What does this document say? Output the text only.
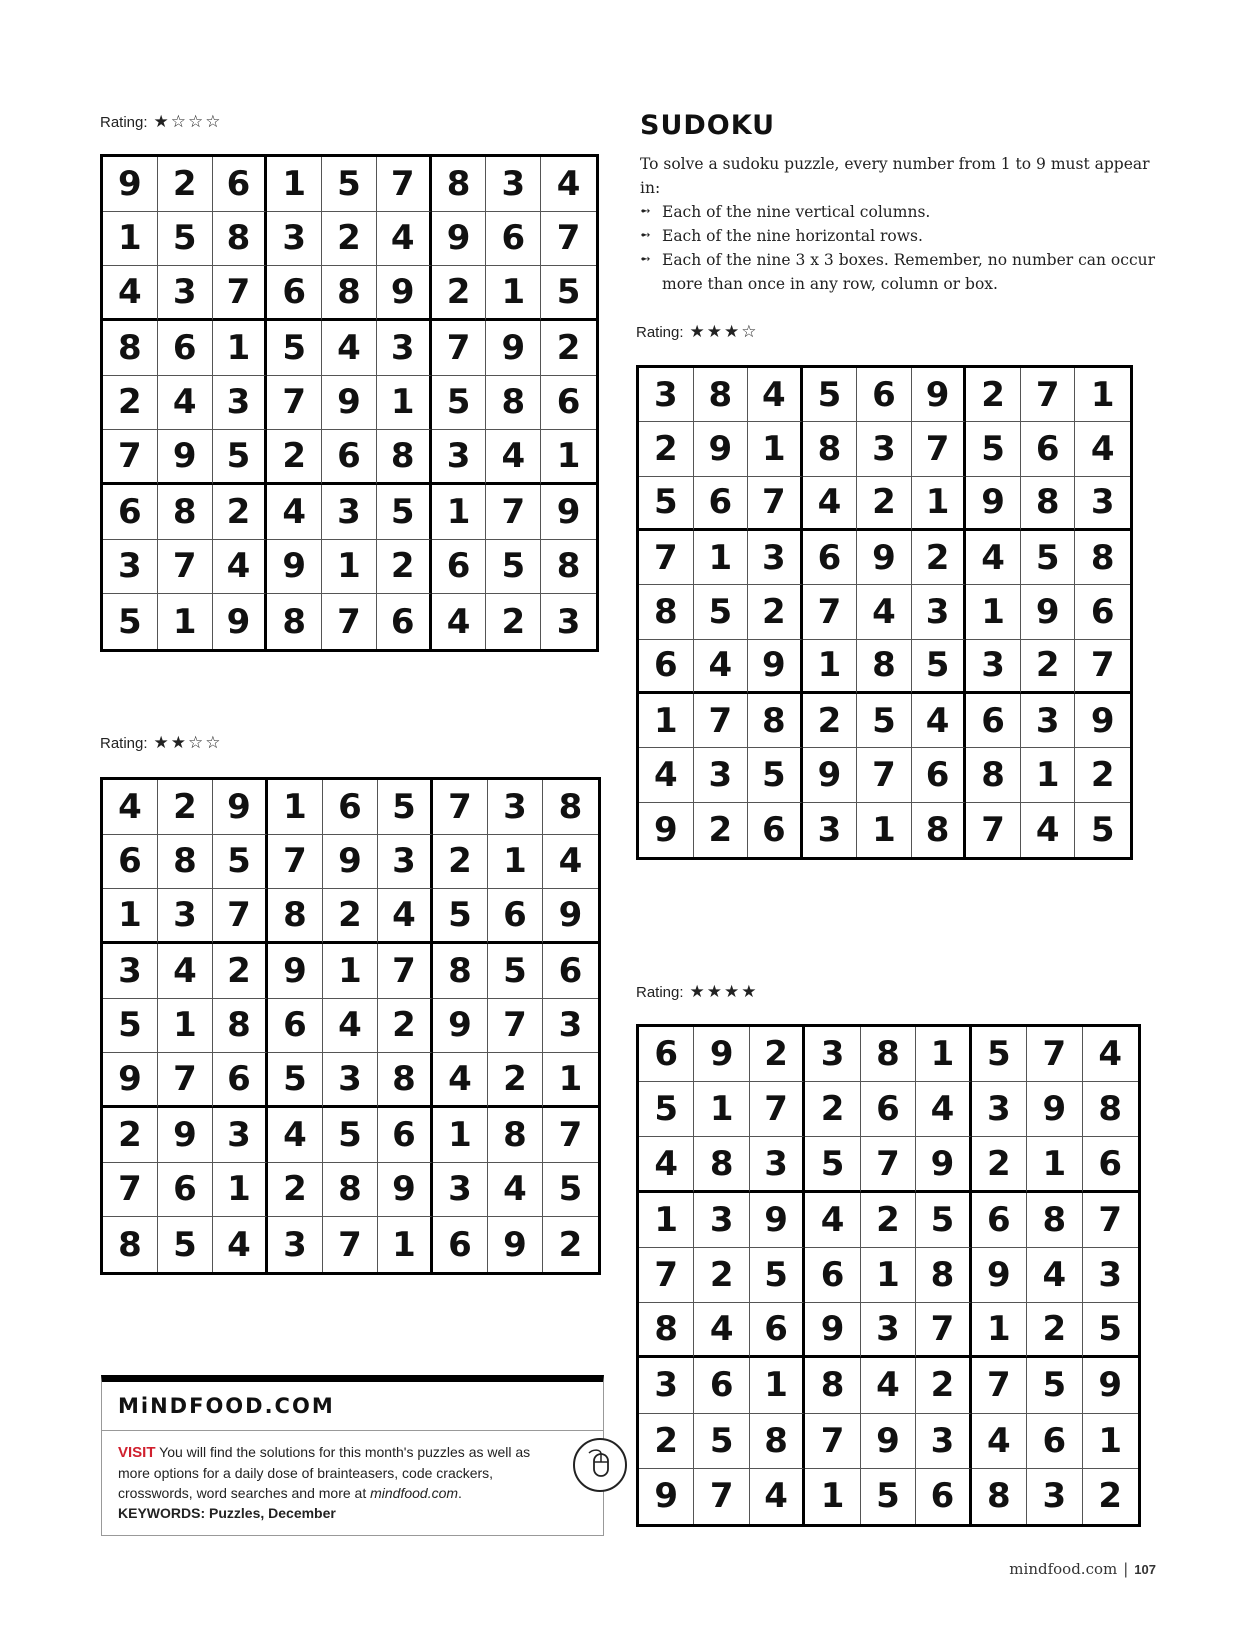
Rating: ★☆☆☆
9 2 6 1 5 7 8 3 4
1 5 8 3 2 4 9 6 7
4 3 7 6 8 9 2 1 5
8 6 1 5 4 3 7 9 2
2 4 3 7 9 1 5 8 6
7 9 5 2 6 8 3 4 1
6 8 2 4 3 5 1 7 9
3 7 4 9 1 2 6 5 8
5 1 9 8 7 6 4 2 3
Rating: ★★☆☆
4 2 9 1 6 5 7 3 8
6 8 5 7 9 3 2 1 4
1 3 7 8 2 4 5 6 9
3 4 2 9 1 7 8 5 6
5 1 8 6 4 2 9 7 3
9 7 6 5 3 8 4 2 1
2 9 3 4 5 6 1 8 7
7 6 1 2 8 9 3 4 5
8 5 4 3 7 1 6 9 2
SUDOKU
To solve a sudoku puzzle, every number from 1 to 9 must appear in:
➻ Each of the nine vertical columns.
➻ Each of the nine horizontal rows.
➻ Each of the nine 3 x 3 boxes. Remember, no number can occur more than once in any row, column or box.
Rating: ★★★☆
3 8 4 5 6 9 2 7 1
2 9 1 8 3 7 5 6 4
5 6 7 4 2 1 9 8 3
7 1 3 6 9 2 4 5 8
8 5 2 7 4 3 1 9 6
6 4 9 1 8 5 3 2 7
1 7 8 2 5 4 6 3 9
4 3 5 9 7 6 8 1 2
9 2 6 3 1 8 7 4 5
Rating: ★★★★
6 9 2 3 8 1 5 7 4
5 1 7 2 6 4 3 9 8
4 8 3 5 7 9 2 1 6
1 3 9 4 2 5 6 8 7
7 2 5 6 1 8 9 4 3
8 4 6 9 3 7 1 2 5
3 6 1 8 4 2 7 5 9
2 5 8 7 9 3 4 6 1
9 7 4 1 5 6 8 3 2
MiNDFOOD.COM
VISIT You will find the solutions for this month's puzzles as well as more options for a daily dose of brainteasers, code crackers, crosswords, word searches and more at mindfood.com.
KEYWORDS: Puzzles, December
mindfood.com | 107
